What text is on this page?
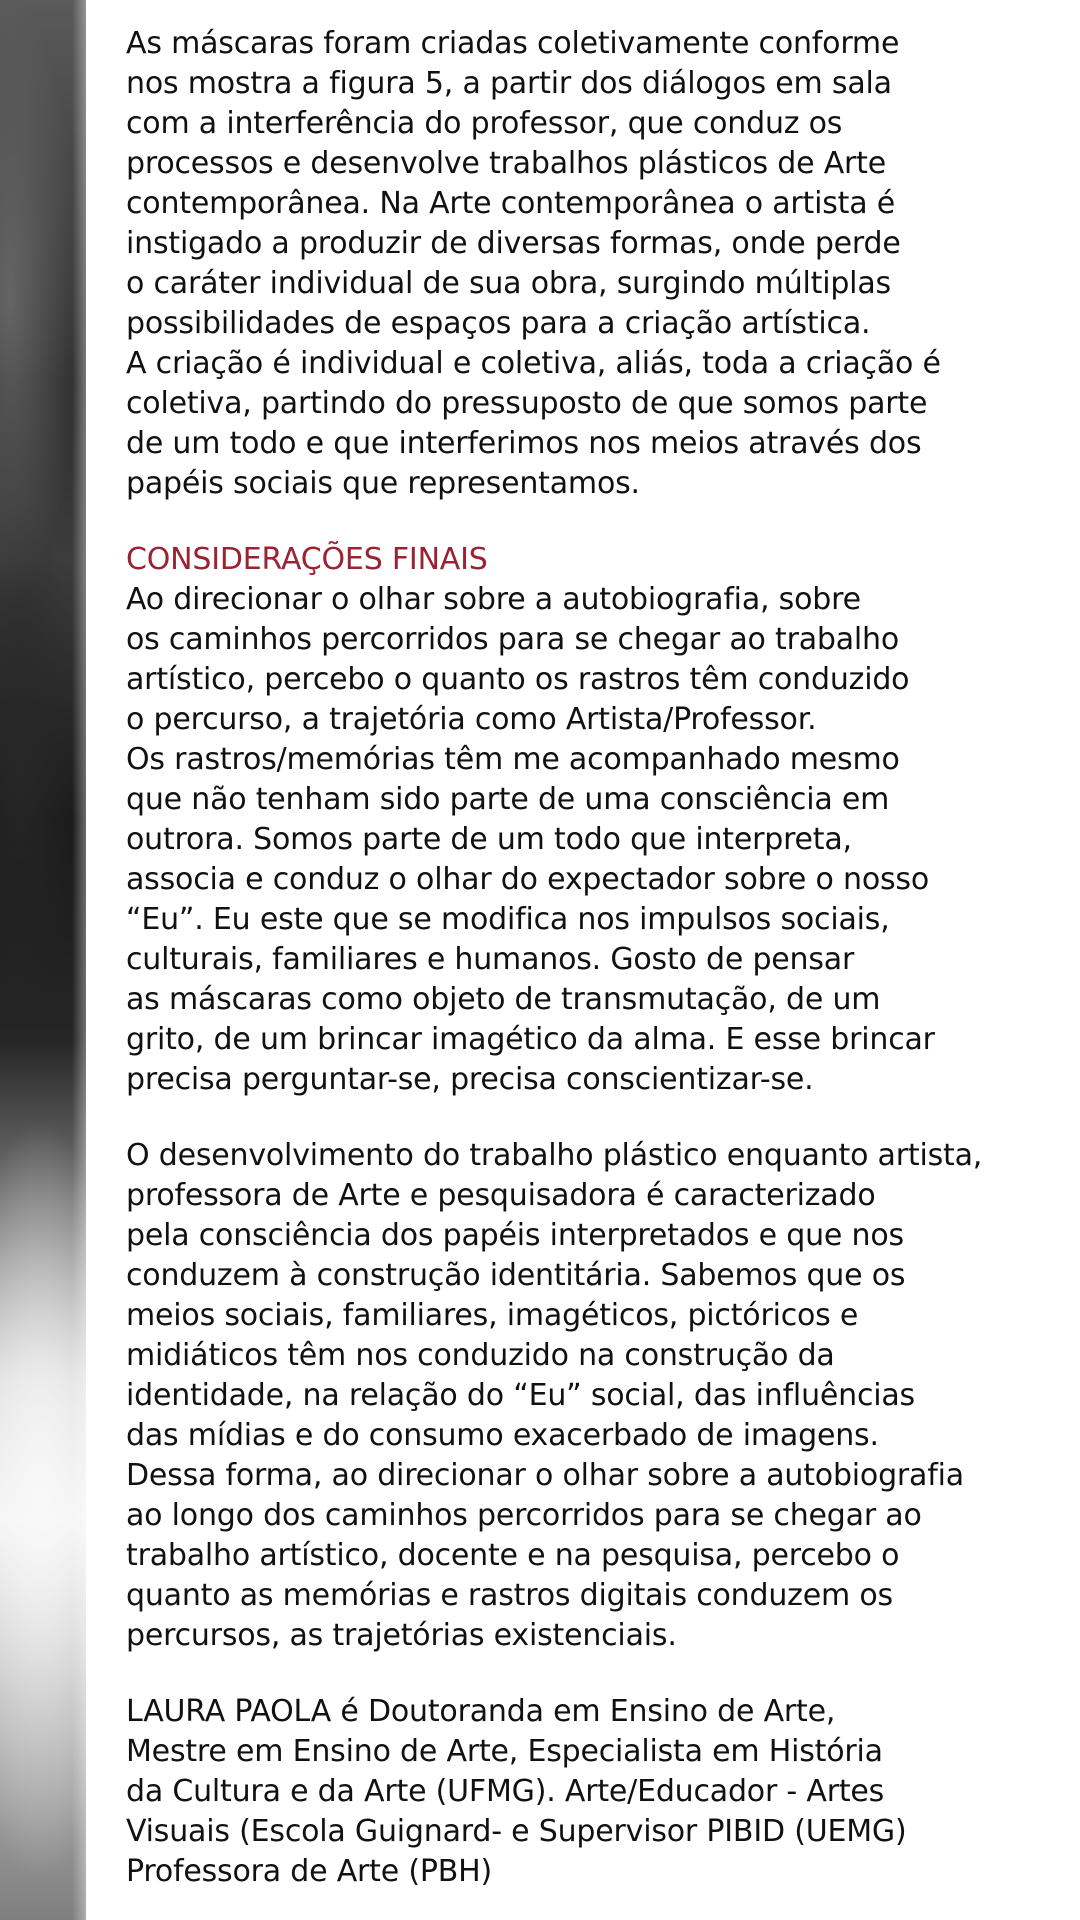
As máscaras foram criadas coletivamente conforme
nos mostra a figura 5, a partir dos diálogos em sala
com a interferência do professor, que conduz os
processos e desenvolve trabalhos plásticos de Arte
contemporânea. Na Arte contemporânea o artista é
instigado a produzir de diversas formas, onde perde
o caráter individual de sua obra, surgindo múltiplas
possibilidades de espaços para a criação artística.
A criação é individual e coletiva, aliás, toda a criação é
coletiva, partindo do pressuposto de que somos parte
de um todo e que interferimos nos meios através dos
papéis sociais que representamos.
CONSIDERAÇÕES FINAIS
Ao direcionar o olhar sobre a autobiografia, sobre
os caminhos percorridos para se chegar ao trabalho
artístico, percebo o quanto os rastros têm conduzido
o percurso, a trajetória como Artista/Professor.
Os rastros/memórias têm me acompanhado mesmo
que não tenham sido parte de uma consciência em
outrora. Somos parte de um todo que interpreta,
associa e conduz o olhar do expectador sobre o nosso
“Eu”. Eu este que se modifica nos impulsos sociais,
culturais, familiares e humanos. Gosto de pensar
as máscaras como objeto de transmutação, de um
grito, de um brincar imagético da alma. E esse brincar
precisa perguntar-se, precisa conscientizar-se.
O desenvolvimento do trabalho plástico enquanto artista,
professora de Arte e pesquisadora é caracterizado
pela consciência dos papéis interpretados e que nos
conduzem à construção identitária. Sabemos que os
meios sociais, familiares, imagéticos, pictóricos e
midiáticos têm nos conduzido na construção da
identidade, na relação do “Eu” social, das influências
das mídias e do consumo exacerbado de imagens.
Dessa forma, ao direcionar o olhar sobre a autobiografia
ao longo dos caminhos percorridos para se chegar ao
trabalho artístico, docente e na pesquisa, percebo o
quanto as memórias e rastros digitais conduzem os
percursos, as trajetórias existenciais.
LAURA PAOLA é Doutoranda em Ensino de Arte,
Mestre em Ensino de Arte, Especialista em História
da Cultura e da Arte (UFMG). Arte/Educador - Artes
Visuais (Escola Guignard- e Supervisor PIBID (UEMG)
Professora de Arte (PBH)
